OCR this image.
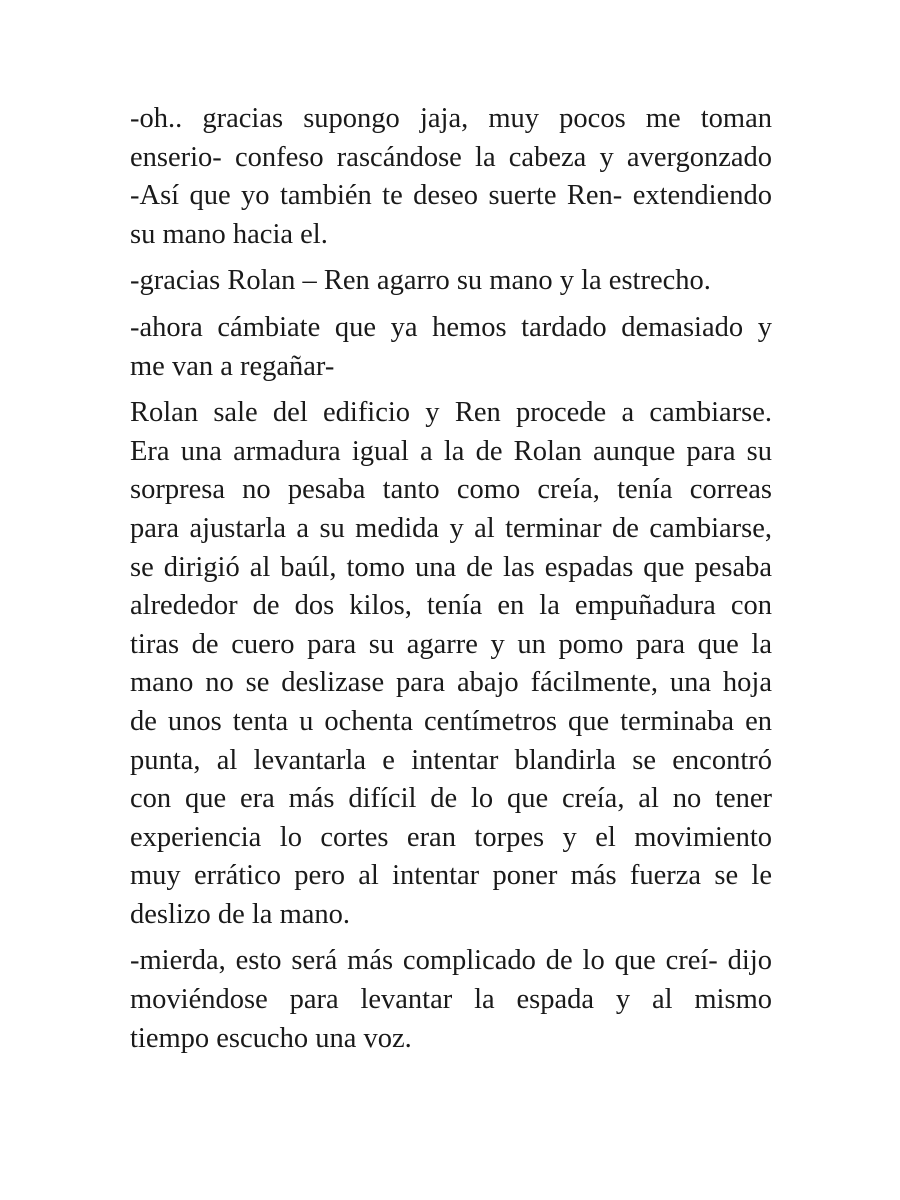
-oh.. gracias supongo jaja, muy pocos me toman
enserio- confeso rascándose la cabeza y avergonzado
-Así que yo también te deseo suerte Ren- extendiendo
su mano hacia el.

-gracias Rolan – Ren agarro su mano y la estrecho.

-ahora cámbiate que ya hemos tardado demasiado y
me van a regañar-

Rolan sale del edificio y Ren procede a cambiarse.
Era una armadura igual a la de Rolan aunque para su
sorpresa no pesaba tanto como creía, tenía correas
para ajustarla a su medida y al terminar de cambiarse,
se dirigió al baúl, tomo una de las espadas que pesaba
alrededor de dos kilos, tenía en la empuñadura con
tiras de cuero para su agarre y un pomo para que la
mano no se deslizase para abajo fácilmente, una hoja
de unos tenta u ochenta centímetros que terminaba en
punta, al levantarla e intentar blandirla se encontró
con que era más difícil de lo que creía, al no tener
experiencia lo cortes eran torpes y el movimiento
muy errático pero al intentar poner más fuerza se le
deslizo de la mano.

-mierda, esto será más complicado de lo que creí- dijo
moviéndose para levantar la espada y al mismo
tiempo escucho una voz.
